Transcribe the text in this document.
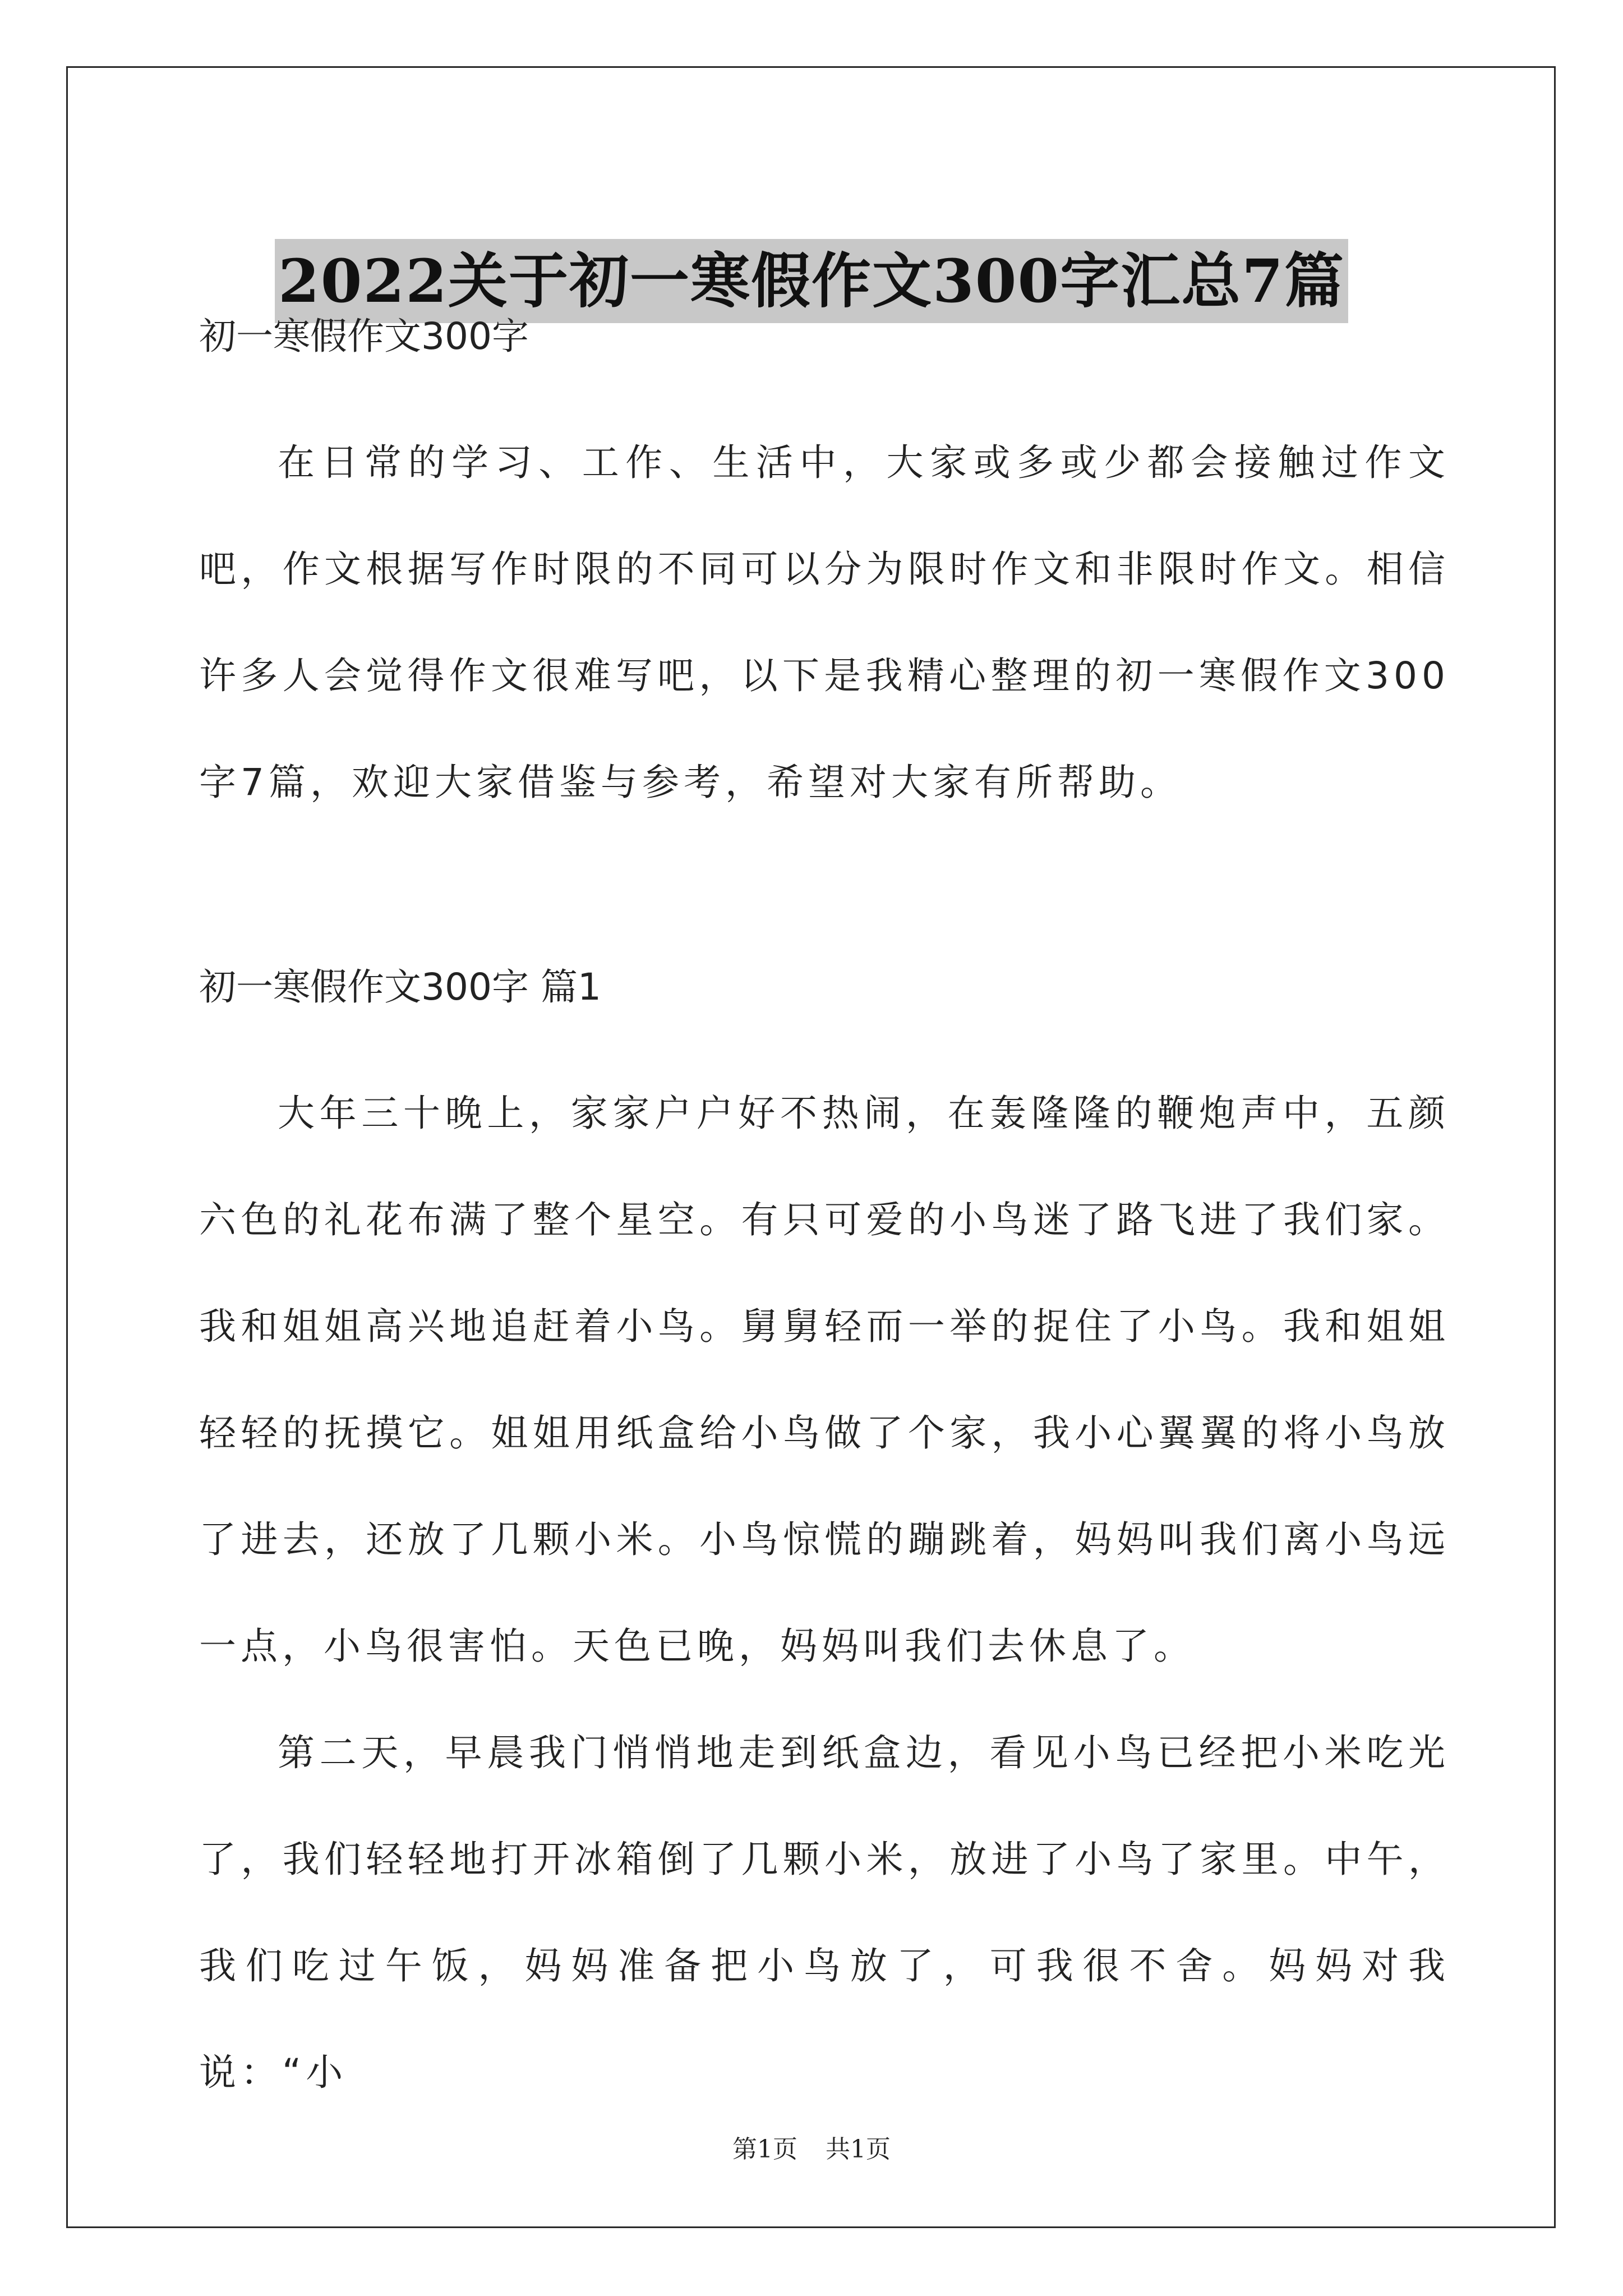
2022关于初一寒假作文300字汇总7篇

初一寒假作文300字

在日常的学习、工作、生活中，大家或多或少都会接触过作文吧，作文根据写作时限的不同可以分为限时作文和非限时作文。相信许多人会觉得作文很难写吧，以下是我精心整理的初一寒假作文300字7篇，欢迎大家借鉴与参考，希望对大家有所帮助。

初一寒假作文300字 篇1

大年三十晚上，家家户户好不热闹，在轰隆隆的鞭炮声中，五颜六色的礼花布满了整个星空。有只可爱的小鸟迷了路飞进了我们家。我和姐姐高兴地追赶着小鸟。舅舅轻而一举的捉住了小鸟。我和姐姐轻轻的抚摸它。姐姐用纸盒给小鸟做了个家，我小心翼翼的将小鸟放了进去，还放了几颗小米。小鸟惊慌的蹦跳着，妈妈叫我们离小鸟远一点，小鸟很害怕。天色已晚，妈妈叫我们去休息了。

第二天，早晨我门悄悄地走到纸盒边，看见小鸟已经把小米吃光了，我们轻轻地打开冰箱倒了几颗小米，放进了小鸟了家里。中午，我们吃过午饭，妈妈准备把小鸟放了，可我很不舍。妈妈对我说：“小

第1页 共1页
